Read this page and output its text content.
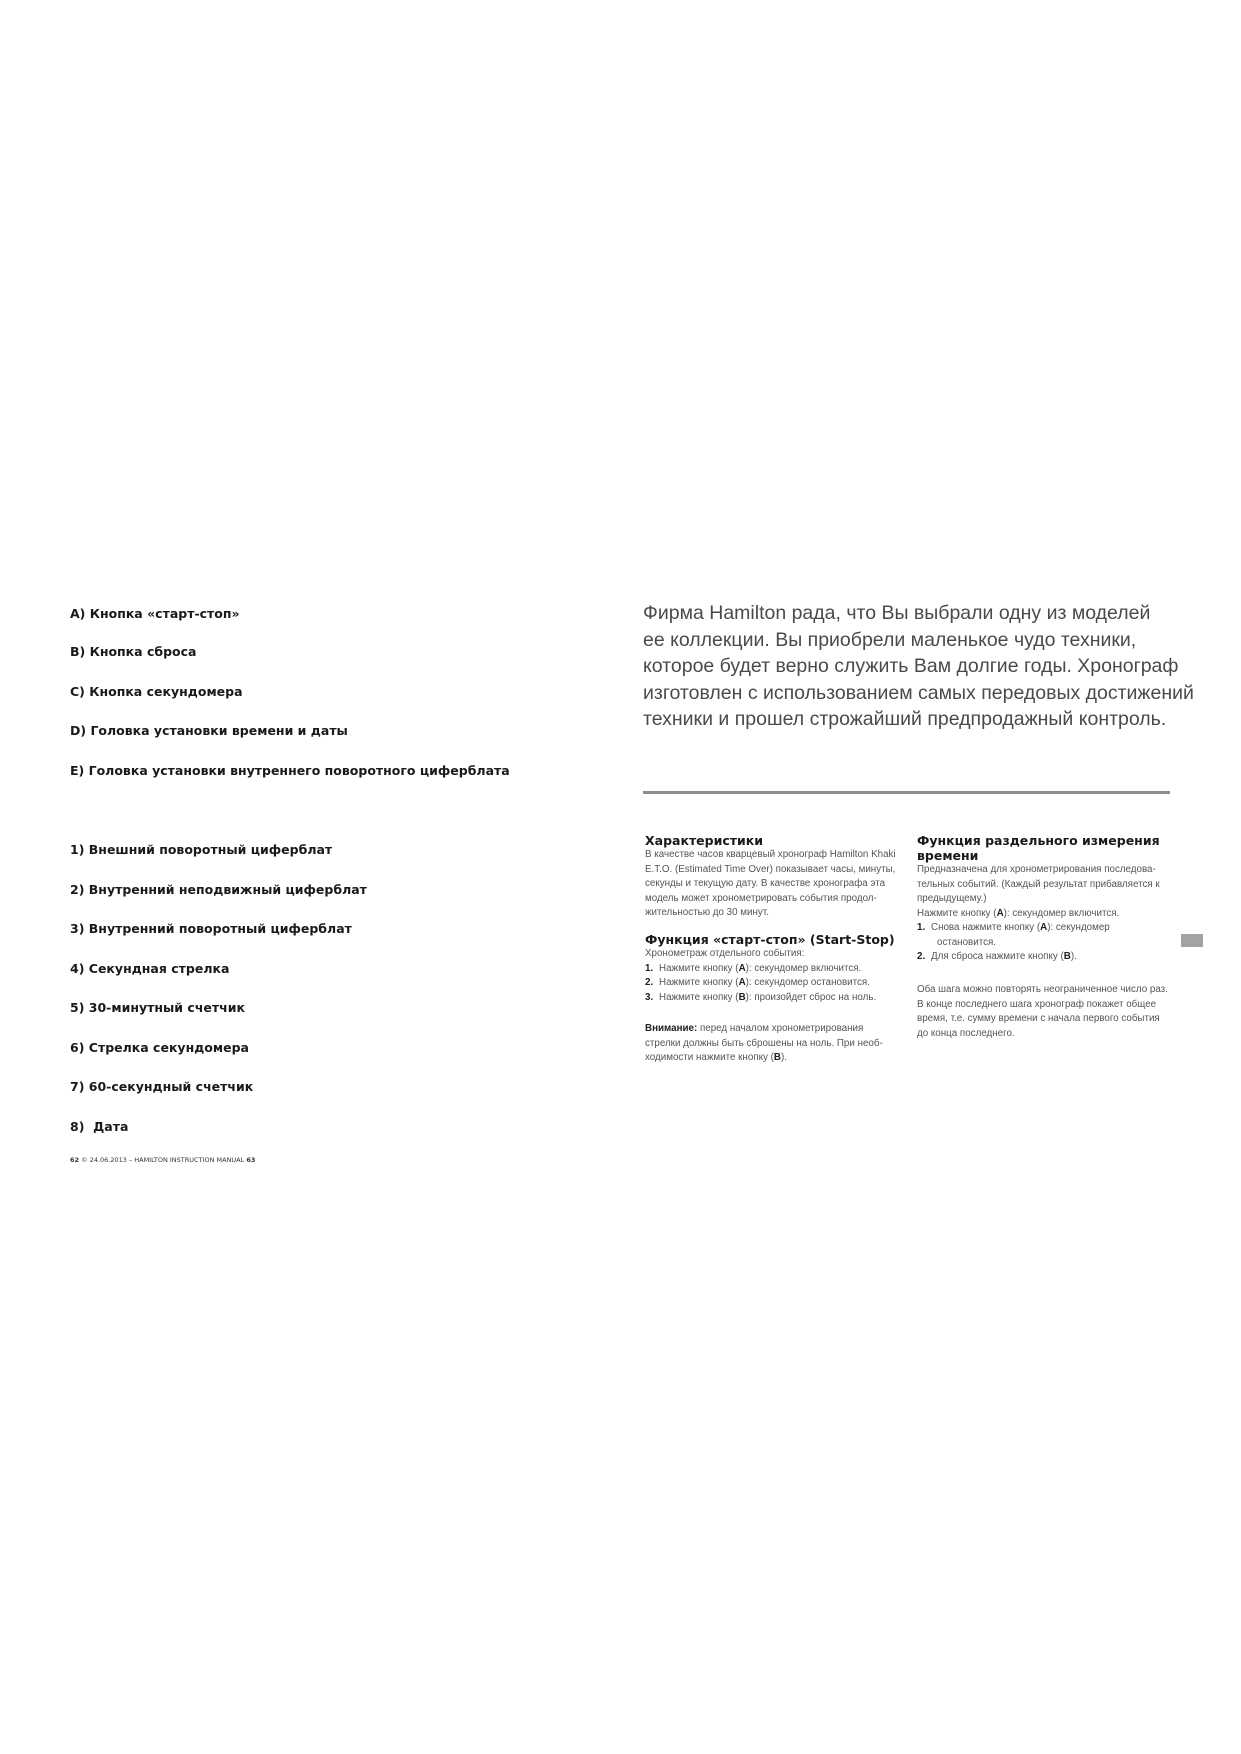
A) Кнопка «старт-стоп»
B) Кнопка сброса
C) Кнопка секундомера
D) Головка установки времени и даты
E) Головка установки внутреннего поворотного циферблата
1) Внешний поворотный циферблат
2) Внутренний неподвижный циферблат
3) Внутренний поворотный циферблат
4) Секундная стрелка
5) 30-минутный счетчик
6) Стрелка секундомера
7) 60-секундный счетчик
8) Дата
62 © 24.06.2013 – HAMILTON INSTRUCTION MANUAL 63
Фирма Hamilton рада, что Вы выбрали одну из моделей
ее коллекции. Вы приобрели маленькое чудо техники,
которое будет верно служить Вам долгие годы. Хронограф
изготовлен с использованием самых передовых достижений
техники и прошел строжайший предпродажный контроль.
Характеристики

В качестве часов кварцевый хронограф Hamilton Khaki

E.T.O. (Estimated Time Over) показывает часы, минуты,

секунды и текущую дату. В качестве хронографа эта

модель может хронометрировать события продол-

жительностью до 30 минут.

Функция «старт-стоп» (Start-Stop)

Хронометраж отдельного события:

1. Нажмите кнопку (A): секундомер включится.

2. Нажмите кнопку (A): секундомер остановится.

3. Нажмите кнопку (B): произойдет сброс на ноль.

Внимание: перед началом хронометрирования

стрелки должны быть сброшены на ноль. При необ-

ходимости нажмите кнопку (B).

Функция раздельного измерения
времени

Предназначена для хронометрирования последова-

тельных событий. (Каждый результат прибавляется к

предыдущему.)

Нажмите кнопку (A): секундомер включится.

1. Снова нажмите кнопку (A): секундомер

остановится.

2. Для сброса нажмите кнопку (B).

Оба шага можно повторять неограниченное число раз.

В конце последнего шага хронограф покажет общее

время, т.е. сумму времени с начала первого события

до конца последнего.
